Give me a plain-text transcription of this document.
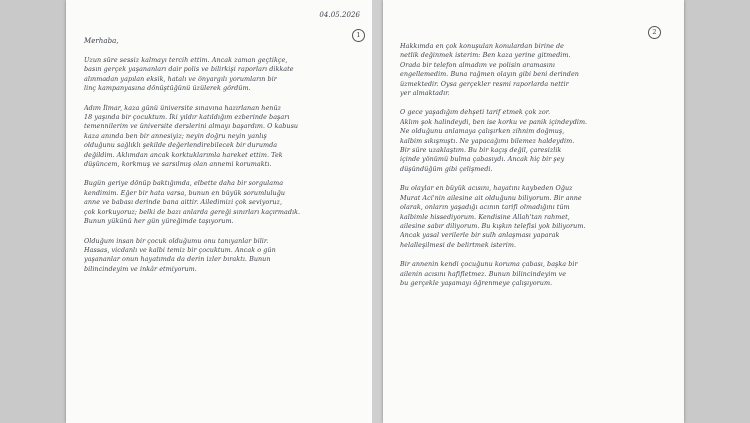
04.05.2026
1
Merhaba,
Uzun süre sessiz kalmayı tercih ettim. Ancak zaman geçtikçe,
basın gerçek yaşananları dair polis ve bilirkişi raporları dikkate
alınmadan yapılan eksik, hatalı ve önyargılı yorumların bir
linç kampanyasına dönüştüğünü üzülerek gördüm.
Adım İlmar, kaza günü üniversite sınavına hazırlanan henüz
18 yaşında bir çocuktum. İki yıldır katıldığım ezberinde başarı
temennilerim ve üniversite derslerini almayı başardım. O kabusu
kaza anında ben bir annesiyiz; neyin doğru neyin yanlış
olduğunu sağlıklı şekilde değerlendirebilecek bir durumda
değildim. Aklımdan ancak korktuklarımla hareket ettim. Tek
düşüncem, korkmuş ve sarsılmış olan annemi korumaktı.
Bugün geriye dönüp baktığımda, elbette daha bir sorgulama
kendimim. Eğer bir hata varsa, bunun en büyük sorumluluğu
anne ve babası derinde bana aittir. Ailedimizi çok seviyoruz,
çok korkuyoruz; belki de bazı anlarda gereği sınırları kaçırmadık.
Bunun yükünü her gün yüreğimde taşıyorum.
Olduğum insan bir çocuk olduğumu onu tanıyanlar bilir.
Hassas, vicdanlı ve kalbi temiz bir çocuktum. Ancak o gün
yaşananlar onun hayatımda da derin izler bıraktı. Bunun
bilincindeyim ve inkâr etmiyorum.
2
Hakkımda en çok konuşulan konulardan birine de
netlik değinmek isterim: Ben kaza yerine gitmedim.
Orada bir telefon almadım ve polisin aramasını
engellemedim. Buna rağmen olayın gibi beni derinden
üzmektedir. Oysa gerçekler resmi raporlarda nettir
yer almaktadır.
O gece yaşadığım dehşeti tarif etmek çok zor.
Aklım şok halindeydi, ben ise korku ve panik içindeydim.
Ne olduğunu anlamaya çalışırken zihnim doğmuş,
kalbim sıkışmıştı. Ne yapacağımı bilemez haldeydim.
Bir süre uzaklaştım. Bu bir kaçış değil, çaresizlik
içinde yönümü bulma çabasıydı. Ancak hiç bir şey
düşündüğüm gibi çelişmedi.
Bu olaylar en büyük acısını, hayatını kaybeden Oğuz
Murat Aci'nin ailesine ait olduğunu biliyorum. Bir anne
olarak, onların yaşadığı acının tarifi olmadığını tüm
kalbimle hissediyorum. Kendisine Allah'tan rahmet,
ailesine sabır diliyorum. Bu kışkın telefisi yok biliyorum.
Ancak yasal verilerle bir sulh anlaşması yaparak
helalleşilmesi de belirtmek isterim.
Bir annenin kendi çocuğunu koruma çabası, başka bir
ailenin acısını hafifletmez. Bunun bilincindeyim ve
bu gerçekle yaşamayı öğrenmeye çalışıyorum.
